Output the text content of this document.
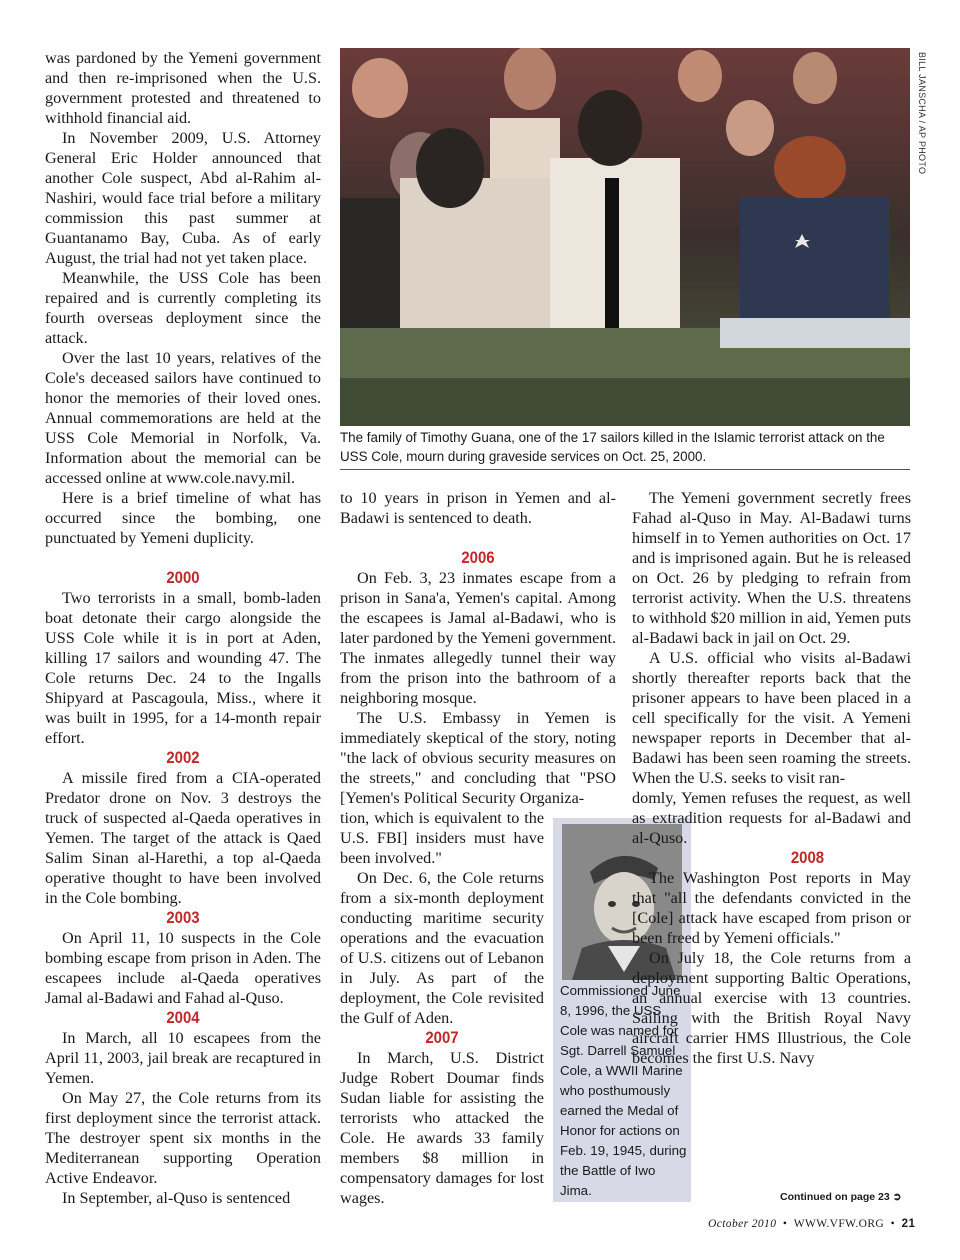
was pardoned by the Yemeni government and then re-imprisoned when the U.S. government protested and threatened to withhold financial aid.

In November 2009, U.S. Attorney General Eric Holder announced that another Cole suspect, Abd al-Rahim al-Nashiri, would face trial before a military commission this past summer at Guantanamo Bay, Cuba. As of early August, the trial had not yet taken place.

Meanwhile, the USS Cole has been repaired and is currently completing its fourth overseas deployment since the attack.

Over the last 10 years, relatives of the Cole's deceased sailors have continued to honor the memories of their loved ones. Annual commemorations are held at the USS Cole Memorial in Norfolk, Va. Information about the memorial can be accessed online at www.cole.navy.mil.

Here is a brief timeline of what has occurred since the bombing, one punctuated by Yemeni duplicity.

2000

Two terrorists in a small, bomb-laden boat detonate their cargo alongside the USS Cole while it is in port at Aden, killing 17 sailors and wounding 47. The Cole returns Dec. 24 to the Ingalls Shipyard at Pascagoula, Miss., where it was built in 1995, for a 14-month repair effort.

2002

A missile fired from a CIA-operated Predator drone on Nov. 3 destroys the truck of suspected al-Qaeda operatives in Yemen. The target of the attack is Qaed Salim Sinan al-Harethi, a top al-Qaeda operative thought to have been involved in the Cole bombing.

2003

On April 11, 10 suspects in the Cole bombing escape from prison in Aden. The escapees include al-Qaeda operatives Jamal al-Badawi and Fahad al-Quso.

2004

In March, all 10 escapees from the April 11, 2003, jail break are recaptured in Yemen.

On May 27, the Cole returns from its first deployment since the terrorist attack. The destroyer spent six months in the Mediterranean supporting Operation Active Endeavor.

In September, al-Quso is sentenced

BILL JANSCHA / AP PHOTO
The family of Timothy Guana, one of the 17 sailors killed in the Islamic terrorist attack on the USS Cole, mourn during graveside services on Oct. 25, 2000.

to 10 years in prison in Yemen and al-Badawi is sentenced to death.

2006

On Feb. 3, 23 inmates escape from a prison in Sana'a, Yemen's capital. Among the escapees is Jamal al-Badawi, who is later pardoned by the Yemeni government. The inmates allegedly tunnel their way from the prison into the bathroom of a neighboring mosque.

The U.S. Embassy in Yemen is immediately skeptical of the story, noting "the lack of obvious security measures on the streets," and concluding that "PSO [Yemen's Political Security Organiza-

tion, which is equivalent to the U.S. FBI] insiders must have been involved."

On Dec. 6, the Cole returns from a six-month deployment conducting maritime security operations and the evacuation of U.S. citizens out of Lebanon in July. As part of the deployment, the Cole revisited the Gulf of Aden.

2007

In March, U.S. District Judge Robert Doumar finds Sudan liable for assisting the terrorists who attacked the Cole. He awards 33 family members $8 million in compensatory damages for lost wages.

Commissioned June 8, 1996, the USS Cole was named for Sgt. Darrell Samuel Cole, a WWII Marine who posthumously earned the Medal of Honor for actions on Feb. 19, 1945, during the Battle of Iwo Jima.

The Yemeni government secretly frees Fahad al-Quso in May. Al-Badawi turns himself in to Yemen authorities on Oct. 17 and is imprisoned again. But he is released on Oct. 26 by pledging to refrain from terrorist activity. When the U.S. threatens to withhold $20 million in aid, Yemen puts al-Badawi back in jail on Oct. 29.

A U.S. official who visits al-Badawi shortly thereafter reports back that the prisoner appears to have been placed in a cell specifically for the visit. A Yemeni newspaper reports in December that al-Badawi has been seen roaming the streets. When the U.S. seeks to visit ran-

domly, Yemen refuses the request, as well as extradition requests for al-Badawi and al-Quso.

2008

The Washington Post reports in May that "all the defendants convicted in the [Cole] attack have escaped from prison or been freed by Yemeni officials."

On July 18, the Cole returns from a deployment supporting Baltic Operations, an annual exercise with 13 countries. Sailing with the British Royal Navy aircraft carrier HMS Illustrious, the Cole becomes the first U.S. Navy

Continued on page 23 ➲
October 2010  •  WWW.VFW.ORG  •  21
